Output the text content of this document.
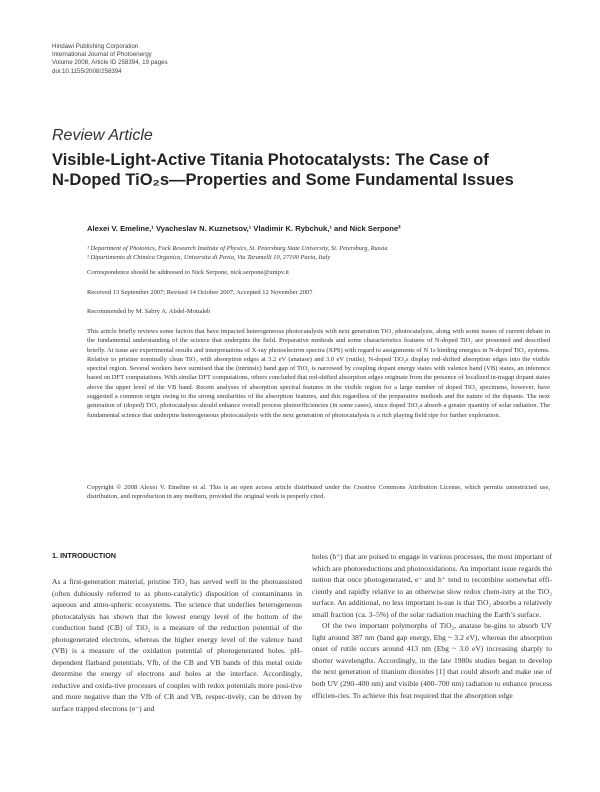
Hindawi Publishing Corporation
International Journal of Photoenergy
Volume 2008, Article ID 258394, 19 pages
doi:10.1155/2008/258394
Review Article
Visible-Light-Active Titania Photocatalysts: The Case of
N-Doped TiO₂s—Properties and Some Fundamental Issues
Alexei V. Emeline,¹ Vyacheslav N. Kuznetsov,¹ Vladimir K. Rybchuk,¹ and Nick Serpone²
¹ Department of Photonics, Fock Research Institute of Physics, St. Petersburg State University, St. Petersburg, Russia
² Dipartimento di Chimica Organica, Universita di Pavia, Via Taramelli 10, 27100 Pavia, Italy
Correspondence should be addressed to Nick Serpone, nick.serpone@unipv.it
Received 13 September 2007; Revised 14 October 2007; Accepted 12 November 2007
Recommended by M. Sabry A. Abdel-Mottaleb
This article briefly reviews some factors that have impacted heterogeneous photocatalysis with next generation TiO₂ photocatalysts, along with some issues of current debate in the fundamental understanding of the science that underpins the field. Preparative methods and some characteristics features of N-doped TiO₂ are presented and described briefly. At issue are experimental results and interpretations of X-ray photoelectron spectra (XPS) with regard to assignments of N 1s binding energies in N-doped TiO₂ systems. Relative to pristine nominally clean TiO₂ with absorption edges at 3.2 eV (anatase) and 3.0 eV (rutile), N-doped TiO₂s display red-shifted absorption edges into the visible spectral region. Several workers have surmised that the (intrinsic) band gap of TiO₂ is narrowed by coupling dopant energy states with valence band (VB) states, an inference based on DFT computations. With similar DFT computations, others concluded that red-shifted absorption edges originate from the presence of localized in-tragap dopant states above the upper level of the VB band. Recent analyses of absorption spectral features in the visible region for a large number of doped TiO₂ specimens, however, have suggested a common origin owing to the strong similarities of the absorption features, and this regardless of the preparative methods and the nature of the dopants. The next generation of (doped) TiO₂ photocatalysts should enhance overall process photoefficiencies (in some cases), since doped TiO₂s absorb a greater quantity of solar radiation. The fundamental science that underpins heterogeneous photocatalysis with the next generation of photocatalysts is a rich playing field ripe for further exploration.
Copyright © 2008 Alexei V. Emeline et al. This is an open access article distributed under the Creative Commons Attribution License, which permits unrestricted use, distribution, and reproduction in any medium, provided the original work is properly cited.
1. INTRODUCTION

As a first-generation material, pristine TiO₂ has served well in the photoassisted (often dubiously referred to as photo-catalytic) disposition of contaminants in aqueous and atmo-spheric ecosystems. The science that underlies heterogeneous photocatalysis has shown that the lowest energy level of the bottom of the conduction band (CB) of TiO₂ is a measure of the reduction potential of the photogenerated electrons, whereas the higher energy level of the valence band (VB) is a measure of the oxidation potential of photogenerated holes. pH-dependent flatband potentials, Vfb, of the CB and VB bands of this metal oxide determine the energy of electrons and holes at the interface. Accordingly, reductive and oxida-tive processes of couples with redox potentials more posi-tive and more negative than the Vfb of CB and VB, respec-tively, can be driven by surface trapped electrons (e⁻) and

holes (h⁺) that are poised to engage in various processes, the most important of which are photoreductions and photooxidations. An important issue regards the notion that once photogenerated, e⁻ and h⁺ tend to recombine somewhat effi-ciently and rapidly relative to an otherwise slow redox chem-istry at the TiO₂ surface. An additional, no less important is-sue is that TiO₂ absorbs a relatively small fraction (ca. 3–5%) of the solar radiation reaching the Earth’s surface.

Of the two important polymorphs of TiO₂, anatase be-gins to absorb UV light around 387 nm (band gap energy, Ebg ~ 3.2 eV), whereas the absorption onset of rutile occurs around 413 nm (Ebg ~ 3.0 eV) increasing sharply to shorter wavelengths. Accordingly, in the late 1980s studies began to develop the next generation of titanium dioxides [1] that could absorb and make use of both UV (290–400 nm) and visible (400–700 nm) radiation to enhance process efficien-cies. To achieve this feat required that the absorption edge
